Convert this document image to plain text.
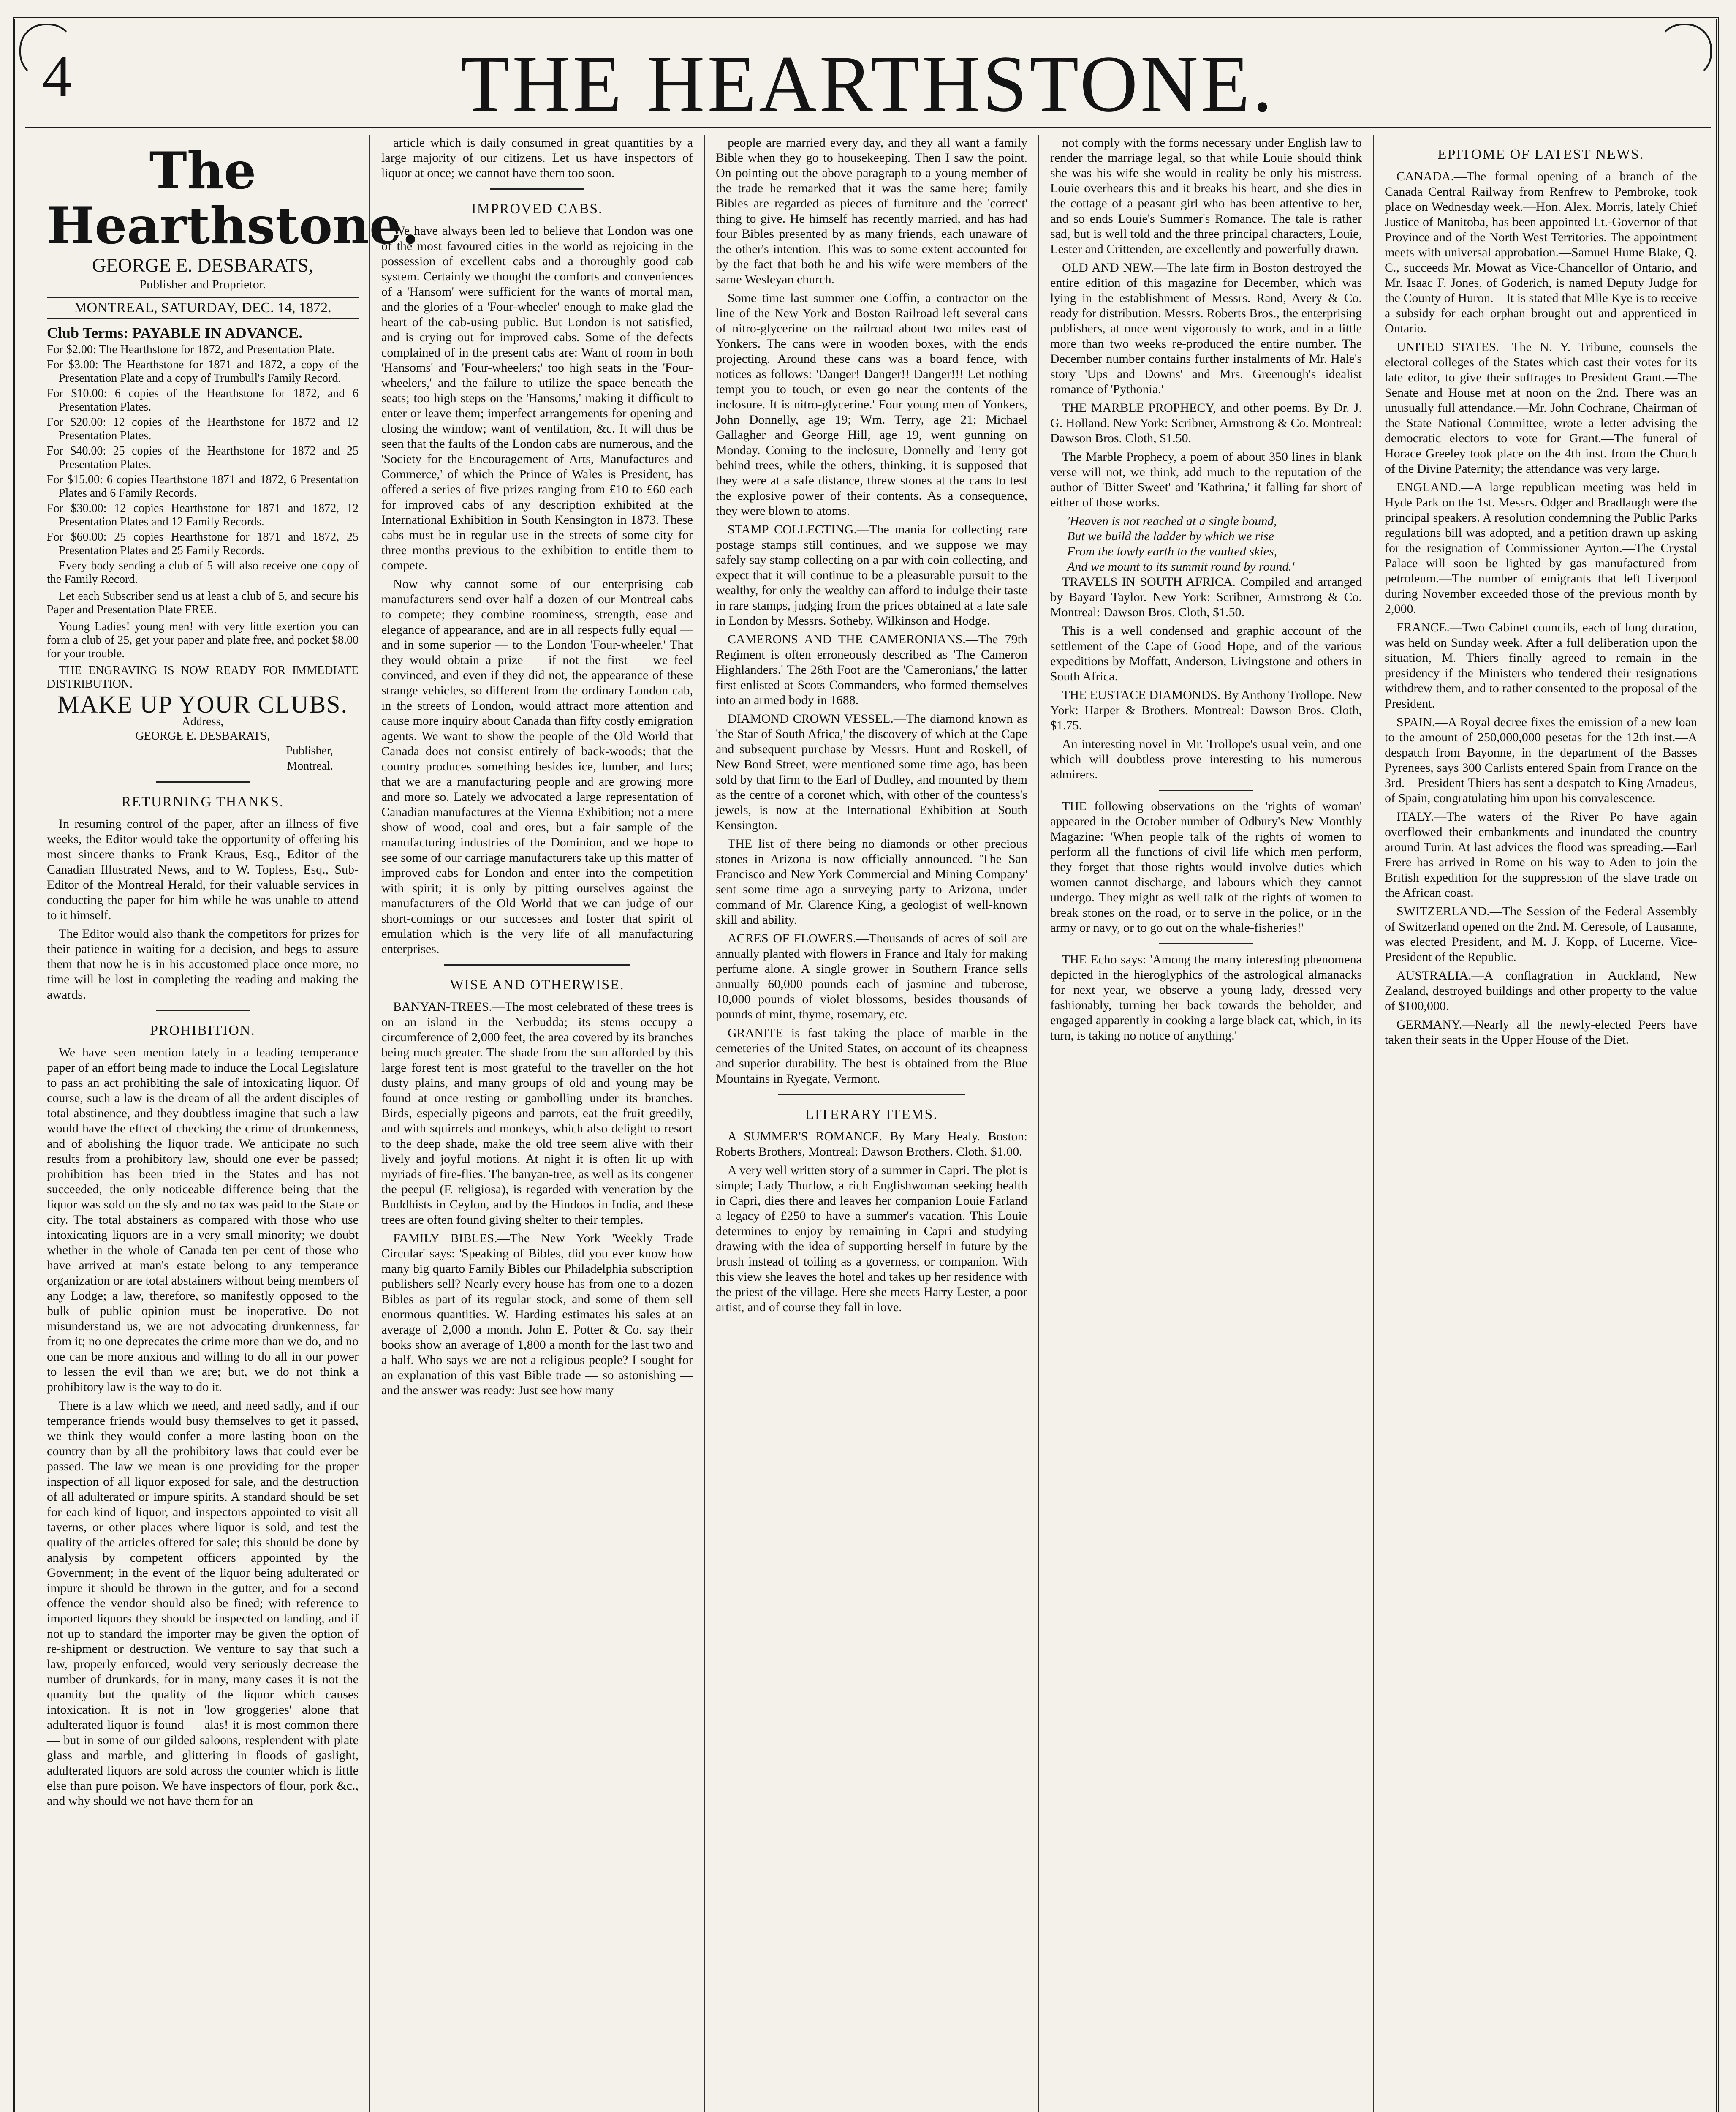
4	THE HEARTHSTONE.
The Hearthstone.
GEORGE E. DESBARATS,
Publisher and Proprietor.
MONTREAL, SATURDAY, DEC. 14, 1872.
Club Terms: PAYABLE IN ADVANCE.

For $2.00: The Hearthstone for 1872, and Presentation Plate.

For $3.00: The Hearthstone for 1871 and 1872, a copy of the Presentation Plate and a copy of Trumbull's Family Record.

For $10.00: 6 copies of the Hearthstone for 1872, and 6 Presentation Plates.

For $20.00: 12 copies of the Hearthstone for 1872 and 12 Presentation Plates.

For $40.00: 25 copies of the Hearthstone for 1872 and 25 Presentation Plates.

For $15.00: 6 copies Hearthstone 1871 and 1872, 6 Presentation Plates and 6 Family Records.

For $30.00: 12 copies Hearthstone for 1871 and 1872, 12 Presentation Plates and 12 Family Records.

For $60.00: 25 copies Hearthstone for 1871 and 1872, 25 Presentation Plates and 25 Family Records.

Every body sending a club of 5 will also receive one copy of the Family Record.

Let each Subscriber send us at least a club of 5, and secure his Paper and Presentation Plate FREE.

Young Ladies! young men! with very little exertion you can form a club of 25, get your paper and plate free, and pocket $8.00 for your trouble.

THE ENGRAVING IS NOW READY FOR IMMEDIATE DISTRIBUTION.

MAKE UP YOUR CLUBS.
Address,
GEORGE E. DESBARATS,
Publisher,
Montreal.
RETURNING THANKS.

In resuming control of the paper, after an illness of five weeks, the Editor would take the opportunity of offering his most sincere thanks to Frank Kraus, Esq., Editor of the Canadian Illustrated News, and to W. Topless, Esq., Sub-Editor of the Montreal Herald, for their valuable services in conducting the paper for him while he was unable to attend to it himself.

The Editor would also thank the competitors for prizes for their patience in waiting for a decision, and begs to assure them that now he is in his accustomed place once more, no time will be lost in completing the reading and making the awards.

PROHIBITION.

We have seen mention lately in a leading temperance paper of an effort being made to induce the Local Legislature to pass an act prohibiting the sale of intoxicating liquor. Of course, such a law is the dream of all the ardent disciples of total abstinence, and they doubtless imagine that such a law would have the effect of checking the crime of drunkenness, and of abolishing the liquor trade. We anticipate no such results from a prohibitory law, should one ever be passed; prohibition has been tried in the States and has not succeeded, the only noticeable difference being that the liquor was sold on the sly and no tax was paid to the State or city. The total abstainers as compared with those who use intoxicating liquors are in a very small minority; we doubt whether in the whole of Canada ten per cent of those who have arrived at man's estate belong to any temperance organization or are total abstainers without being members of any Lodge; a law, therefore, so manifestly opposed to the bulk of public opinion must be inoperative. Do not misunderstand us, we are not advocating drunkenness, far from it; no one deprecates the crime more than we do, and no one can be more anxious and willing to do all in our power to lessen the evil than we are; but, we do not think a prohibitory law is the way to do it.

There is a law which we need, and need sadly, and if our temperance friends would busy themselves to get it passed, we think they would confer a more lasting boon on the country than by all the prohibitory laws that could ever be passed. The law we mean is one providing for the proper inspection of all liquor exposed for sale, and the destruction of all adulterated or impure spirits. A standard should be set for each kind of liquor, and inspectors appointed to visit all taverns, or other places where liquor is sold, and test the quality of the articles offered for sale; this should be done by analysis by competent officers appointed by the Government; in the event of the liquor being adulterated or impure it should be thrown in the gutter, and for a second offence the vendor should also be fined; with reference to imported liquors they should be inspected on landing, and if not up to standard the importer may be given the option of re-shipment or destruction. We venture to say that such a law, properly enforced, would very seriously decrease the number of drunkards, for in many, many cases it is not the quantity but the quality of the liquor which causes intoxication. It is not in 'low groggeries' alone that adulterated liquor is found — alas! it is most common there — but in some of our gilded saloons, resplendent with plate glass and marble, and glittering in floods of gaslight, adulterated liquors are sold across the counter which is little else than pure poison. We have inspectors of flour, pork &c., and why should we not have them for an

article which is daily consumed in great quantities by a large majority of our citizens. Let us have inspectors of liquor at once; we cannot have them too soon.

IMPROVED CABS.

We have always been led to believe that London was one of the most favoured cities in the world as rejoicing in the possession of excellent cabs and a thoroughly good cab system. Certainly we thought the comforts and conveniences of a 'Hansom' were sufficient for the wants of mortal man, and the glories of a 'Four-wheeler' enough to make glad the heart of the cab-using public. But London is not satisfied, and is crying out for improved cabs. Some of the defects complained of in the present cabs are: Want of room in both 'Hansoms' and 'Four-wheelers;' too high seats in the 'Four-wheelers,' and the failure to utilize the space beneath the seats; too high steps on the 'Hansoms,' making it difficult to enter or leave them; imperfect arrangements for opening and closing the window; want of ventilation, &c. It will thus be seen that the faults of the London cabs are numerous, and the 'Society for the Encouragement of Arts, Manufactures and Commerce,' of which the Prince of Wales is President, has offered a series of five prizes ranging from £10 to £60 each for improved cabs of any description exhibited at the International Exhibition in South Kensington in 1873. These cabs must be in regular use in the streets of some city for three months previous to the exhibition to entitle them to compete.

Now why cannot some of our enterprising cab manufacturers send over half a dozen of our Montreal cabs to compete; they combine roominess, strength, ease and elegance of appearance, and are in all respects fully equal — and in some superior — to the London 'Four-wheeler.' That they would obtain a prize — if not the first — we feel convinced, and even if they did not, the appearance of these strange vehicles, so different from the ordinary London cab, in the streets of London, would attract more attention and cause more inquiry about Canada than fifty costly emigration agents. We want to show the people of the Old World that Canada does not consist entirely of back-woods; that the country produces something besides ice, lumber, and furs; that we are a manufacturing people and are growing more and more so. Lately we advocated a large representation of Canadian manufactures at the Vienna Exhibition; not a mere show of wood, coal and ores, but a fair sample of the manufacturing industries of the Dominion, and we hope to see some of our carriage manufacturers take up this matter of improved cabs for London and enter into the competition with spirit; it is only by pitting ourselves against the manufacturers of the Old World that we can judge of our short-comings or our successes and foster that spirit of emulation which is the very life of all manufacturing enterprises.

WISE AND OTHERWISE.

BANYAN-TREES.—The most celebrated of these trees is on an island in the Nerbudda; its stems occupy a circumference of 2,000 feet, the area covered by its branches being much greater. The shade from the sun afforded by this large forest tent is most grateful to the traveller on the hot dusty plains, and many groups of old and young may be found at once resting or gambolling under its branches. Birds, especially pigeons and parrots, eat the fruit greedily, and with squirrels and monkeys, which also delight to resort to the deep shade, make the old tree seem alive with their lively and joyful motions. At night it is often lit up with myriads of fire-flies. The banyan-tree, as well as its congener the peepul (F. religiosa), is regarded with veneration by the Buddhists in Ceylon, and by the Hindoos in India, and these trees are often found giving shelter to their temples.

FAMILY BIBLES.—The New York 'Weekly Trade Circular' says: 'Speaking of Bibles, did you ever know how many big quarto Family Bibles our Philadelphia subscription publishers sell? Nearly every house has from one to a dozen Bibles as part of its regular stock, and some of them sell enormous quantities. W. Harding estimates his sales at an average of 2,000 a month. John E. Potter & Co. say their books show an average of 1,800 a month for the last two and a half. Who says we are not a religious people? I sought for an explanation of this vast Bible trade — so astonishing — and the answer was ready: Just see how many

people are married every day, and they all want a family Bible when they go to housekeeping. Then I saw the point. On pointing out the above paragraph to a young member of the trade he remarked that it was the same here; family Bibles are regarded as pieces of furniture and the 'correct' thing to give. He himself has recently married, and has had four Bibles presented by as many friends, each unaware of the other's intention. This was to some extent accounted for by the fact that both he and his wife were members of the same Wesleyan church.

Some time last summer one Coffin, a contractor on the line of the New York and Boston Railroad left several cans of nitro-glycerine on the railroad about two miles east of Yonkers. The cans were in wooden boxes, with the ends projecting. Around these cans was a board fence, with notices as follows: 'Danger! Danger!! Danger!!! Let nothing tempt you to touch, or even go near the contents of the inclosure. It is nitro-glycerine.' Four young men of Yonkers, John Donnelly, age 19; Wm. Terry, age 21; Michael Gallagher and George Hill, age 19, went gunning on Monday. Coming to the inclosure, Donnelly and Terry got behind trees, while the others, thinking, it is supposed that they were at a safe distance, threw stones at the cans to test the explosive power of their contents. As a consequence, they were blown to atoms.

STAMP COLLECTING.—The mania for collecting rare postage stamps still continues, and we suppose we may safely say stamp collecting on a par with coin collecting, and expect that it will continue to be a pleasurable pursuit to the wealthy, for only the wealthy can afford to indulge their taste in rare stamps, judging from the prices obtained at a late sale in London by Messrs. Sotheby, Wilkinson and Hodge.

CAMERONS AND THE CAMERONIANS.—The 79th Regiment is often erroneously described as 'The Cameron Highlanders.' The 26th Foot are the 'Cameronians,' the latter first enlisted at Scots Commanders, who formed themselves into an armed body in 1688.

DIAMOND CROWN VESSEL.—The diamond known as 'the Star of South Africa,' the discovery of which at the Cape and subsequent purchase by Messrs. Hunt and Roskell, of New Bond Street, were mentioned some time ago, has been sold by that firm to the Earl of Dudley, and mounted by them as the centre of a coronet which, with other of the countess's jewels, is now at the International Exhibition at South Kensington.

THE list of there being no diamonds or other precious stones in Arizona is now officially announced. 'The San Francisco and New York Commercial and Mining Company' sent some time ago a surveying party to Arizona, under command of Mr. Clarence King, a geologist of well-known skill and ability.

ACRES OF FLOWERS.—Thousands of acres of soil are annually planted with flowers in France and Italy for making perfume alone. A single grower in Southern France sells annually 60,000 pounds each of jasmine and tuberose, 10,000 pounds of violet blossoms, besides thousands of pounds of mint, thyme, rosemary, etc.

GRANITE is fast taking the place of marble in the cemeteries of the United States, on account of its cheapness and superior durability. The best is obtained from the Blue Mountains in Ryegate, Vermont.

LITERARY ITEMS.

A SUMMER'S ROMANCE. By Mary Healy. Boston: Roberts Brothers, Montreal: Dawson Brothers. Cloth, $1.00.

A very well written story of a summer in Capri. The plot is simple; Lady Thurlow, a rich Englishwoman seeking health in Capri, dies there and leaves her companion Louie Farland a legacy of £250 to have a summer's vacation. This Louie determines to enjoy by remaining in Capri and studying drawing with the idea of supporting herself in future by the brush instead of toiling as a governess, or companion. With this view she leaves the hotel and takes up her residence with the priest of the village. Here she meets Harry Lester, a poor artist, and of course they fall in love.

not comply with the forms necessary under English law to render the marriage legal, so that while Louie should think she was his wife she would in reality be only his mistress. Louie overhears this and it breaks his heart, and she dies in the cottage of a peasant girl who has been attentive to her, and so ends Louie's Summer's Romance. The tale is rather sad, but is well told and the three principal characters, Louie, Lester and Crittenden, are excellently and powerfully drawn.

OLD AND NEW.—The late firm in Boston destroyed the entire edition of this magazine for December, which was lying in the establishment of Messrs. Rand, Avery & Co. ready for distribution. Messrs. Roberts Bros., the enterprising publishers, at once went vigorously to work, and in a little more than two weeks re-produced the entire number. The December number contains further instalments of Mr. Hale's story 'Ups and Downs' and Mrs. Greenough's idealist romance of 'Pythonia.'

THE MARBLE PROPHECY, and other poems. By Dr. J. G. Holland. New York: Scribner, Armstrong & Co. Montreal: Dawson Bros. Cloth, $1.50.

The Marble Prophecy, a poem of about 350 lines in blank verse will not, we think, add much to the reputation of the author of 'Bitter Sweet' and 'Kathrina,' it falling far short of either of those works.

'Heaven is not reached at a single bound,
But we build the ladder by which we rise
From the lowly earth to the vaulted skies,
And we mount to its summit round by round.'

TRAVELS IN SOUTH AFRICA. Compiled and arranged by Bayard Taylor. New York: Scribner, Armstrong & Co. Montreal: Dawson Bros. Cloth, $1.50.

This is a well condensed and graphic account of the settlement of the Cape of Good Hope, and of the various expeditions by Moffatt, Anderson, Livingstone and others in South Africa.

THE EUSTACE DIAMONDS. By Anthony Trollope. New York: Harper & Brothers. Montreal: Dawson Bros. Cloth, $1.75.

An interesting novel in Mr. Trollope's usual vein, and one which will doubtless prove interesting to his numerous admirers.

THE following observations on the 'rights of woman' appeared in the October number of Odbury's New Monthly Magazine: 'When people talk of the rights of women to perform all the functions of civil life which men perform, they forget that those rights would involve duties which women cannot discharge, and labours which they cannot undergo. They might as well talk of the rights of women to break stones on the road, or to serve in the police, or in the army or navy, or to go out on the whale-fisheries!'

THE Echo says: 'Among the many interesting phenomena depicted in the hieroglyphics of the astrological almanacks for next year, we observe a young lady, dressed very fashionably, turning her back towards the beholder, and engaged apparently in cooking a large black cat, which, in its turn, is taking no notice of anything.'

EPITOME OF LATEST NEWS.

CANADA.—The formal opening of a branch of the Canada Central Railway from Renfrew to Pembroke, took place on Wednesday week.—Hon. Alex. Morris, lately Chief Justice of Manitoba, has been appointed Lt.-Governor of that Province and of the North West Territories. The appointment meets with universal approbation.—Samuel Hume Blake, Q. C., succeeds Mr. Mowat as Vice-Chancellor of Ontario, and Mr. Isaac F. Jones, of Goderich, is named Deputy Judge for the County of Huron.—It is stated that Mlle Kye is to receive a subsidy for each orphan brought out and apprenticed in Ontario.

UNITED STATES.—The N. Y. Tribune, counsels the electoral colleges of the States which cast their votes for its late editor, to give their suffrages to President Grant.—The Senate and House met at noon on the 2nd. There was an unusually full attendance.—Mr. John Cochrane, Chairman of the State National Committee, wrote a letter advising the democratic electors to vote for Grant.—The funeral of Horace Greeley took place on the 4th inst. from the Church of the Divine Paternity; the attendance was very large.

ENGLAND.—A large republican meeting was held in Hyde Park on the 1st. Messrs. Odger and Bradlaugh were the principal speakers. A resolution condemning the Public Parks regulations bill was adopted, and a petition drawn up asking for the resignation of Commissioner Ayrton.—The Crystal Palace will soon be lighted by gas manufactured from petroleum.—The number of emigrants that left Liverpool during November exceeded those of the previous month by 2,000.

FRANCE.—Two Cabinet councils, each of long duration, was held on Sunday week. After a full deliberation upon the situation, M. Thiers finally agreed to remain in the presidency if the Ministers who tendered their resignations withdrew them, and to rather consented to the proposal of the President.

SPAIN.—A Royal decree fixes the emission of a new loan to the amount of 250,000,000 pesetas for the 12th inst.—A despatch from Bayonne, in the department of the Basses Pyrenees, says 300 Carlists entered Spain from France on the 3rd.—President Thiers has sent a despatch to King Amadeus, of Spain, congratulating him upon his convalescence.

ITALY.—The waters of the River Po have again overflowed their embankments and inundated the country around Turin. At last advices the flood was spreading.—Earl Frere has arrived in Rome on his way to Aden to join the British expedition for the suppression of the slave trade on the African coast.

SWITZERLAND.—The Session of the Federal Assembly of Switzerland opened on the 2nd. M. Ceresole, of Lausanne, was elected President, and M. J. Kopp, of Lucerne, Vice-President of the Republic.

AUSTRALIA.—A conflagration in Auckland, New Zealand, destroyed buildings and other property to the value of $100,000.

GERMANY.—Nearly all the newly-elected Peers have taken their seats in the Upper House of the Diet.
